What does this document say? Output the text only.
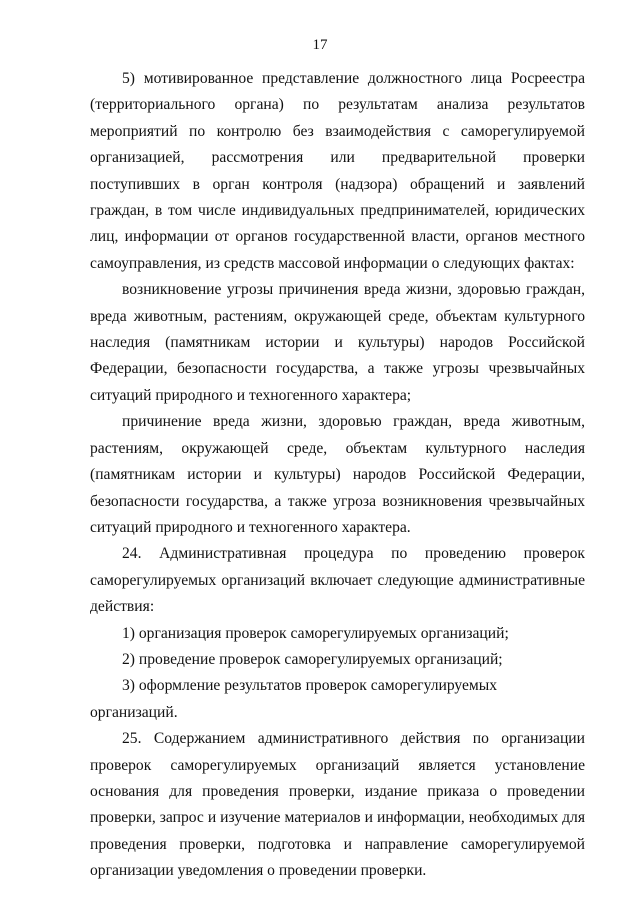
17

5) мотивированное представление должностного лица Росреестра (территориального органа) по результатам анализа результатов мероприятий по контролю без взаимодействия с саморегулируемой организацией, рассмотрения или предварительной проверки поступивших в орган контроля (надзора) обращений и заявлений граждан, в том числе индивидуальных предпринимателей, юридических лиц, информации от органов государственной власти, органов местного самоуправления, из средств массовой информации о следующих фактах:

возникновение угрозы причинения вреда жизни, здоровью граждан, вреда животным, растениям, окружающей среде, объектам культурного наследия (памятникам истории и культуры) народов Российской Федерации, безопасности государства, а также угрозы чрезвычайных ситуаций природного и техногенного характера;

причинение вреда жизни, здоровью граждан, вреда животным, растениям, окружающей среде, объектам культурного наследия (памятникам истории и культуры) народов Российской Федерации, безопасности государства, а также угроза возникновения чрезвычайных ситуаций природного и техногенного характера.

24. Административная процедура по проведению проверок саморегулируемых организаций включает следующие административные действия:

1) организация проверок саморегулируемых организаций;

2) проведение проверок саморегулируемых организаций;

3) оформление результатов проверок саморегулируемых организаций.

25. Содержанием административного действия по организации проверок саморегулируемых организаций является установление основания для проведения проверки, издание приказа о проведении проверки, запрос и изучение материалов и информации, необходимых для проведения проверки, подготовка и направление саморегулируемой организации уведомления о проведении проверки.
